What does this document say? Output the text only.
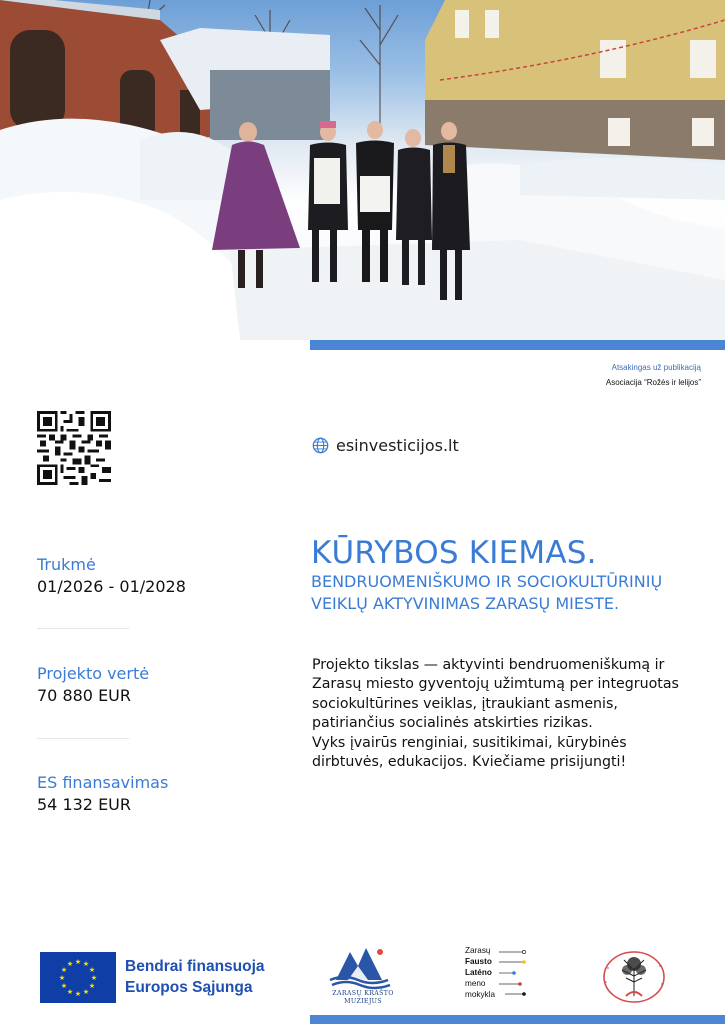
Atsakingas už publikaciją
Asociacija “Rožės ir lelijos”
esinvesticijos.lt
Trukmė
01/2026 - 01/2028
Projekto vertė
70 880 EUR
ES finansavimas
54 132 EUR
KŪRYBOS KIEMAS.
BENDRUOMENIŠKUMO IR SOCIOKULTŪRINIŲ VEIKLŲ AKTYVINIMAS ZARASŲ MIESTE.
Projekto tikslas — aktyvinti bendruomeniškumą ir
Zarasų miesto gyventojų užimtumą per integruotas
sociokultūrines veiklas, įtraukiant asmenis,
patiriančius socialinės atskirties rizikas.
Vyks įvairūs renginiai, susitikimai, kūrybinės
dirbtuvės, edukacijos. Kviečiame prisijungti!
★ ★
★
★
★
★
★
★
★
★
★
★	Bendrai finansuoja
Europos Sąjunga	ZARASŲ KRAŠTO
MUZIEJUS
Zarasų
Fausto
Laténo
meno
mokykla
